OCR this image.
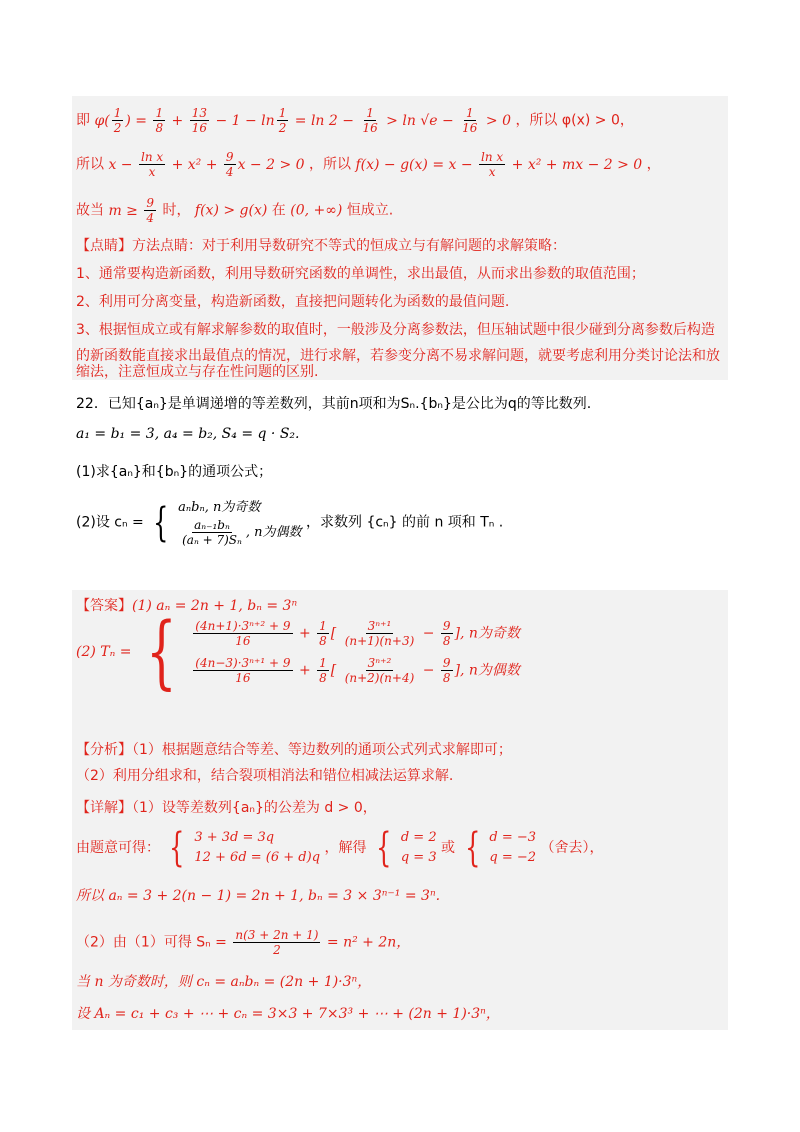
即 $\varphi( \frac{1}{2}$ ) = $\frac{1}{8} + \frac{13}{16} - 1 - \ln \frac{1}{2} = \ln 2 - \frac{1}{16} > \ln √e - \frac{1}{16} > 0$ ，所以 φ(x) > 0，
所以 $x - \frac{\text{ln x}}{x} + x^2 + \frac{9}{4}$ x − 2 > 0 ，所以 $f(x) - g(x) = x - \frac{\text{ln x}}{x} + x^2$ + mx − 2 > 0 ，
故当 $m \ge \frac{9}{4}$ 时， f(x) > g(x) 在 (0, +∞) 恒成立.
【点睛】方法点睛：对于利用导数研究不等式的恒成立与有解问题的求解策略：
1、通常要构造新函数，利用导数研究函数的单调性，求出最值，从而求出参数的取值范围；
2、利用可分离变量，构造新函数，直接把问题转化为函数的最值问题.
3、根据恒成立或有解求解参数的取值时，一般涉及分离参数法，但压轴试题中很少碰到分离参数后构造
的新函数能直接求出最值点的情况，进行求解，若参变分离不易求解问题，就要考虑利用分类讨论法和放
缩法，注意恒成立与存在性问题的区别.
22．已知{aₙ}是单调递增的等差数列，其前n项和为Sₙ.{bₙ}是公比为q的等比数列.
a₁ = b₁ = 3, a₄ = b₂, S₄ = q · S₂.
(1)求{aₙ}和{bₙ}的通项公式；
(2)设 cₙ = { aₙbₙ, n为奇数
$\frac{\text{aₙ₋₁bₙ}}{\text{(aₙ + 7)Sₙ}}$ , n为偶数
，求数列 {cₙ} 的前 n 项和 Tₙ .
【答案】(1) aₙ = 2n + 1, bₙ = 3ⁿ
(2) Tₙ = { $\frac{\text{(4n+1)·3ⁿ⁺² + 9}}{16} + \frac{1}{8}$ [ $\frac{\text{3ⁿ⁺¹}}{(n+1)(n+3)} - \frac{9}{8}$ ], n为奇数
$\frac{\text{(4n−3)·3ⁿ⁺¹ + 9}}{16} + \frac{1}{8}$ [ $\frac{\text{3ⁿ⁺²}}{(n+2)(n+4)} - \frac{9}{8}$ ], n为偶数
【分析】（1）根据题意结合等差、等边数列的通项公式列式求解即可；
（2）利用分组求和，结合裂项相消法和错位相减法运算求解.
【详解】（1）设等差数列{aₙ}的公差为 d > 0，
由题意可得： { 3 + 3d = 3q
12 + 6d = (6 + d)q
，解得 { d = 2
q = 3
或 { d = −3
q = −2
（舍去），
所以 aₙ = 3 + 2(n − 1) = 2n + 1, bₙ = 3 × 3ⁿ⁻¹ = 3ⁿ.
（2）由（1）可得 $S_n = \frac{n(3 + 2n + 1)}{2} = n^2 + 2n$，
当 n 为奇数时，则 cₙ = aₙbₙ = (2n + 1)·3ⁿ，
设 Aₙ = c₁ + c₃ + ⋯ + cₙ = 3×3 + 7×3³ + ⋯ + (2n + 1)·3ⁿ，
